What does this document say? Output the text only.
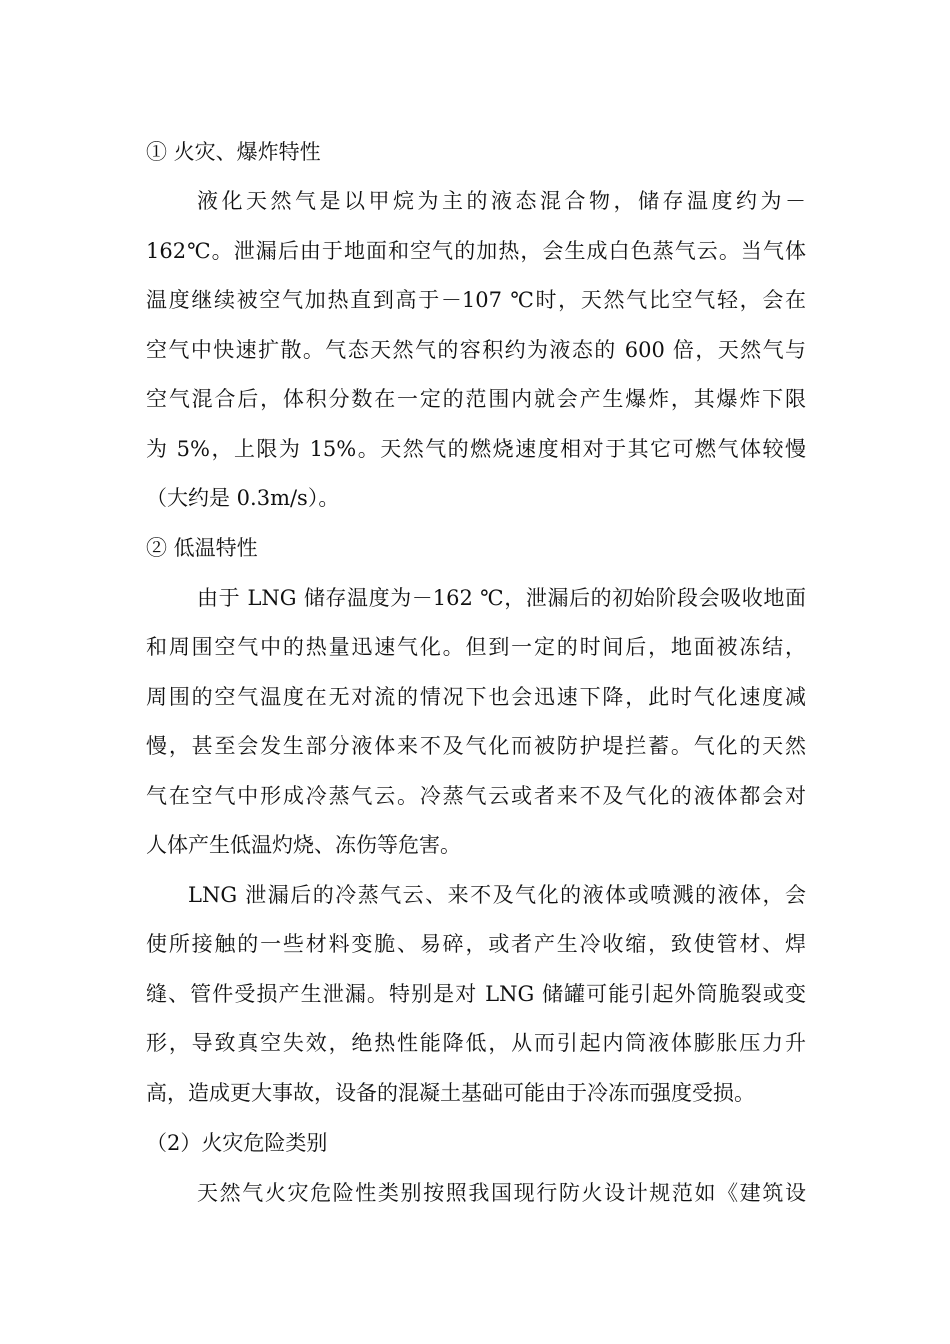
① 火灾、爆炸特性

液化天然气是以甲烷为主的液态混合物，储存温度约为－

162℃。泄漏后由于地面和空气的加热，会生成白色蒸气云。当气体

温度继续被空气加热直到高于－107 ℃时，天然气比空气轻，会在

空气中快速扩散。气态天然气的容积约为液态的 600 倍，天然气与

空气混合后，体积分数在一定的范围内就会产生爆炸，其爆炸下限

为 5%，上限为 15%。天然气的燃烧速度相对于其它可燃气体较慢

（大约是 0.3m/s）。

② 低温特性

由于 LNG 储存温度为－162 ℃，泄漏后的初始阶段会吸收地面

和周围空气中的热量迅速气化。但到一定的时间后，地面被冻结，

周围的空气温度在无对流的情况下也会迅速下降，此时气化速度减

慢，甚至会发生部分液体来不及气化而被防护堤拦蓄。气化的天然

气在空气中形成冷蒸气云。冷蒸气云或者来不及气化的液体都会对

人体产生低温灼烧、冻伤等危害。

LNG 泄漏后的冷蒸气云、来不及气化的液体或喷溅的液体，会

使所接触的一些材料变脆、易碎，或者产生冷收缩，致使管材、焊

缝、管件受损产生泄漏。特别是对 LNG 储罐可能引起外筒脆裂或变

形，导致真空失效，绝热性能降低，从而引起内筒液体膨胀压力升

高，造成更大事故，设备的混凝土基础可能由于冷冻而强度受损。

（2）火灾危险类别

天然气火灾危险性类别按照我国现行防火设计规范如《建筑设
